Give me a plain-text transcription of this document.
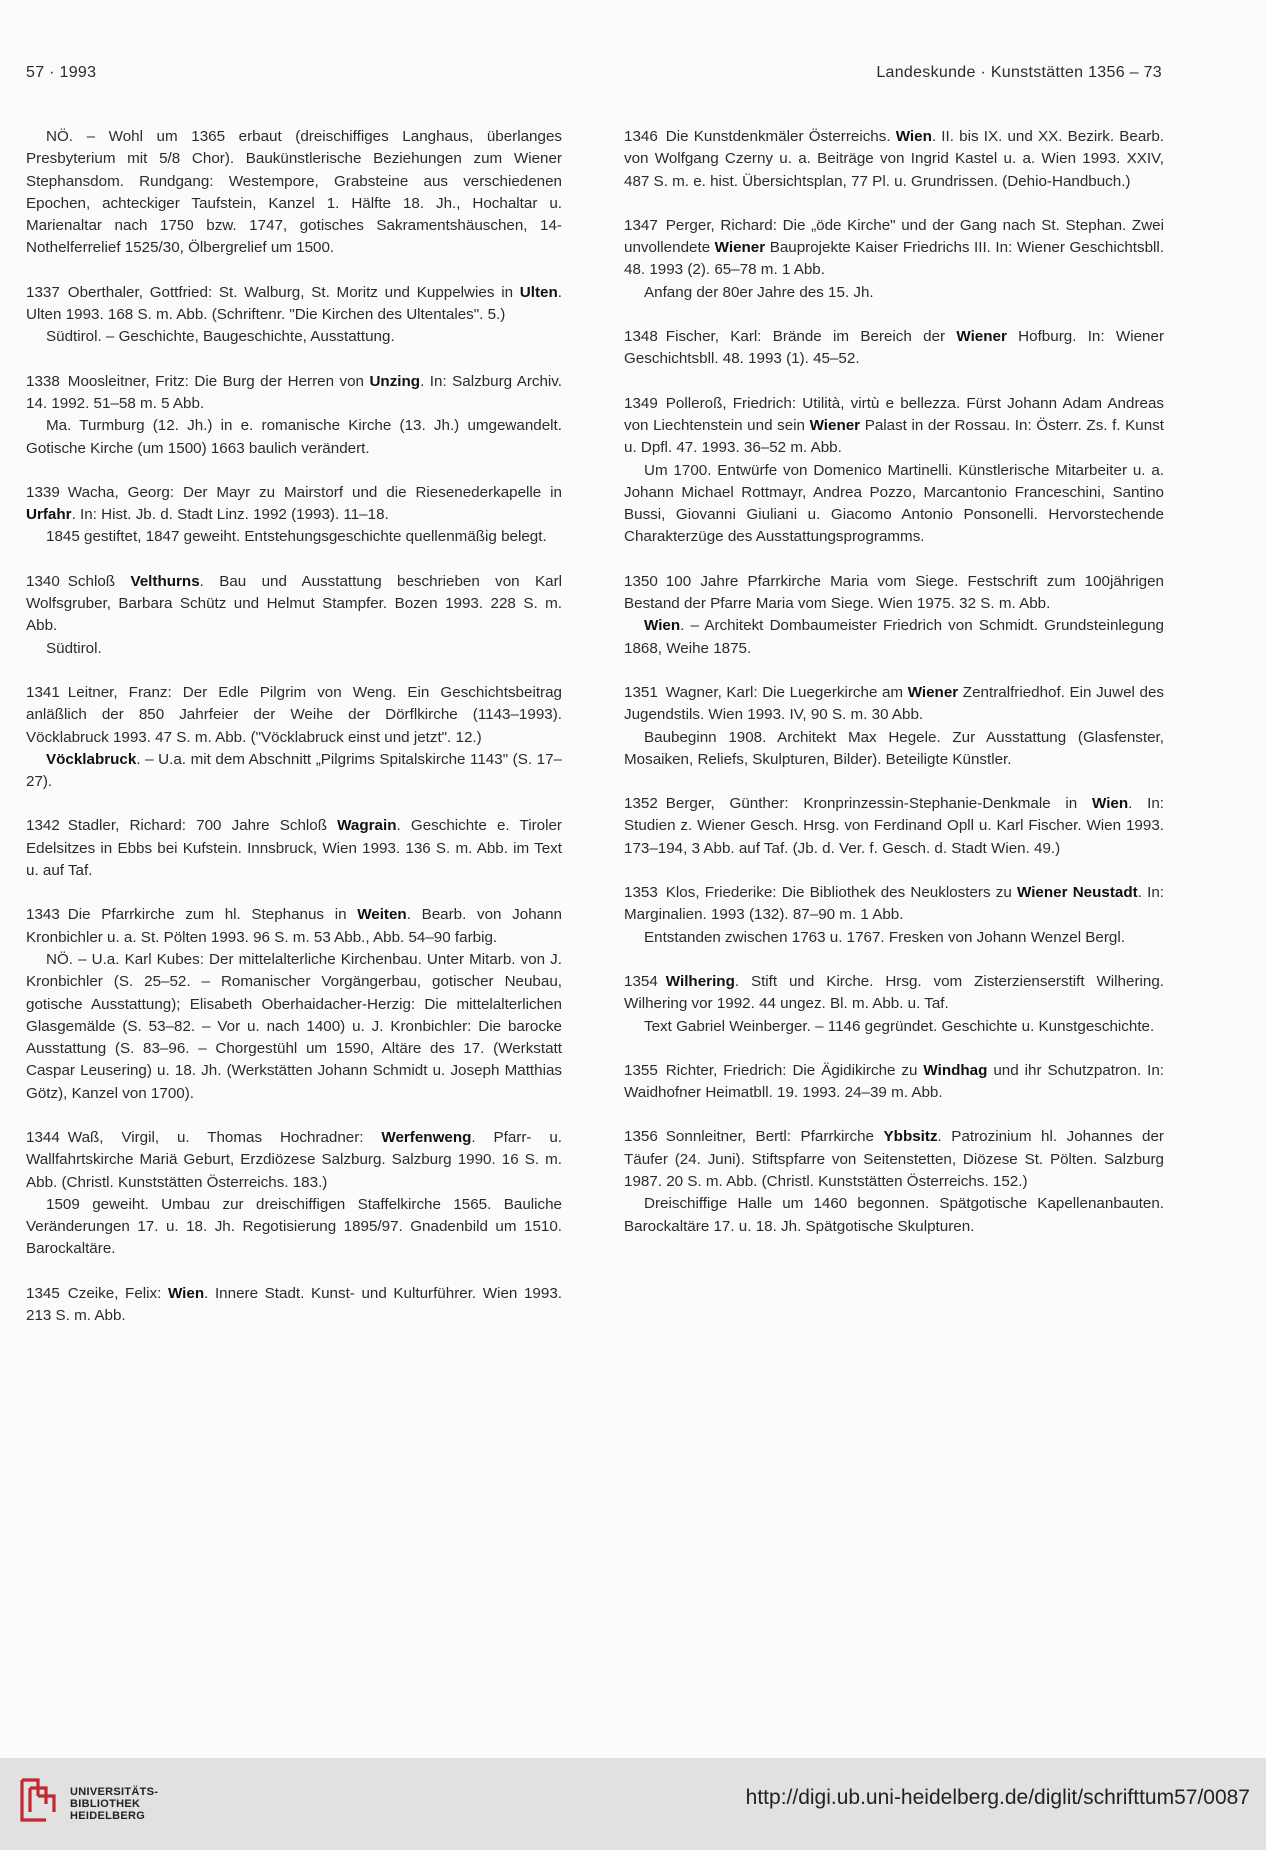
57 · 1993	Landeskunde · Kunststätten 1356 – 73

NÖ. – Wohl um 1365 erbaut (dreischiffiges Langhaus, überlanges Presbyterium mit 5/8 Chor). Baukünstlerische Beziehungen zum Wiener Stephansdom. Rundgang: Westempore, Grabsteine aus verschiedenen Epochen, achteckiger Taufstein, Kanzel 1. Hälfte 18. Jh., Hochaltar u. Marienaltar nach 1750 bzw. 1747, gotisches Sakramentshäuschen, 14-Nothelferrelief 1525/30, Ölbergrelief um 1500.

1337 Oberthaler, Gottfried: St. Walburg, St. Moritz und Kuppelwies in Ulten. Ulten 1993. 168 S. m. Abb. (Schriftenr. "Die Kirchen des Ultentales". 5.)

Südtirol. – Geschichte, Baugeschichte, Ausstattung.

1338 Moosleitner, Fritz: Die Burg der Herren von Unzing. In: Salzburg Archiv. 14. 1992. 51–58 m. 5 Abb.

Ma. Turmburg (12. Jh.) in e. romanische Kirche (13. Jh.) umgewandelt. Gotische Kirche (um 1500) 1663 baulich verändert.

1339 Wacha, Georg: Der Mayr zu Mairstorf und die Riesenederkapelle in Urfahr. In: Hist. Jb. d. Stadt Linz. 1992 (1993). 11–18.

1845 gestiftet, 1847 geweiht. Entstehungsgeschichte quellenmäßig belegt.

1340 Schloß Velthurns. Bau und Ausstattung beschrieben von Karl Wolfsgruber, Barbara Schütz und Helmut Stampfer. Bozen 1993. 228 S. m. Abb.

Südtirol.

1341 Leitner, Franz: Der Edle Pilgrim von Weng. Ein Geschichtsbeitrag anläßlich der 850 Jahrfeier der Weihe der Dörflkirche (1143–1993). Vöcklabruck 1993. 47 S. m. Abb. ("Vöcklabruck einst und jetzt". 12.)

Vöcklabruck. – U.a. mit dem Abschnitt „Pilgrims Spitalskirche 1143" (S. 17–27).

1342 Stadler, Richard: 700 Jahre Schloß Wagrain. Geschichte e. Tiroler Edelsitzes in Ebbs bei Kufstein. Innsbruck, Wien 1993. 136 S. m. Abb. im Text u. auf Taf.

1343 Die Pfarrkirche zum hl. Stephanus in Weiten. Bearb. von Johann Kronbichler u. a. St. Pölten 1993. 96 S. m. 53 Abb., Abb. 54–90 farbig.

NÖ. – U.a. Karl Kubes: Der mittelalterliche Kirchenbau. Unter Mitarb. von J. Kronbichler (S. 25–52. – Romanischer Vorgängerbau, gotischer Neubau, gotische Ausstattung); Elisabeth Oberhaidacher-Herzig: Die mittelalterlichen Glasgemälde (S. 53–82. – Vor u. nach 1400) u. J. Kronbichler: Die barocke Ausstattung (S. 83–96. – Chorgestühl um 1590, Altäre des 17. (Werkstatt Caspar Leusering) u. 18. Jh. (Werkstätten Johann Schmidt u. Joseph Matthias Götz), Kanzel von 1700).

1344 Waß, Virgil, u. Thomas Hochradner: Werfenweng. Pfarr- u. Wallfahrtskirche Mariä Geburt, Erzdiözese Salzburg. Salzburg 1990. 16 S. m. Abb. (Christl. Kunststätten Österreichs. 183.)

1509 geweiht. Umbau zur dreischiffigen Staffelkirche 1565. Bauliche Veränderungen 17. u. 18. Jh. Regotisierung 1895/97. Gnadenbild um 1510. Barockaltäre.

1345 Czeike, Felix: Wien. Innere Stadt. Kunst- und Kulturführer. Wien 1993. 213 S. m. Abb.

1346 Die Kunstdenkmäler Österreichs. Wien. II. bis IX. und XX. Bezirk. Bearb. von Wolfgang Czerny u. a. Beiträge von Ingrid Kastel u. a. Wien 1993. XXIV, 487 S. m. e. hist. Übersichtsplan, 77 Pl. u. Grundrissen. (Dehio-Handbuch.)

1347 Perger, Richard: Die „öde Kirche" und der Gang nach St. Stephan. Zwei unvollendete Wiener Bauprojekte Kaiser Friedrichs III. In: Wiener Geschichtsbll. 48. 1993 (2). 65–78 m. 1 Abb.

Anfang der 80er Jahre des 15. Jh.

1348 Fischer, Karl: Brände im Bereich der Wiener Hofburg. In: Wiener Geschichtsbll. 48. 1993 (1). 45–52.

1349 Polleroß, Friedrich: Utilità, virtù e bellezza. Fürst Johann Adam Andreas von Liechtenstein und sein Wiener Palast in der Rossau. In: Österr. Zs. f. Kunst u. Dpfl. 47. 1993. 36–52 m. Abb.

Um 1700. Entwürfe von Domenico Martinelli. Künstlerische Mitarbeiter u. a. Johann Michael Rottmayr, Andrea Pozzo, Marcantonio Franceschini, Santino Bussi, Giovanni Giuliani u. Giacomo Antonio Ponsonelli. Hervorstechende Charakterzüge des Ausstattungsprogramms.

1350 100 Jahre Pfarrkirche Maria vom Siege. Festschrift zum 100jährigen Bestand der Pfarre Maria vom Siege. Wien 1975. 32 S. m. Abb.

Wien. – Architekt Dombaumeister Friedrich von Schmidt. Grundsteinlegung 1868, Weihe 1875.

1351 Wagner, Karl: Die Luegerkirche am Wiener Zentralfriedhof. Ein Juwel des Jugendstils. Wien 1993. IV, 90 S. m. 30 Abb.

Baubeginn 1908. Architekt Max Hegele. Zur Ausstattung (Glasfenster, Mosaiken, Reliefs, Skulpturen, Bilder). Beteiligte Künstler.

1352 Berger, Günther: Kronprinzessin-Stephanie-Denkmale in Wien. In: Studien z. Wiener Gesch. Hrsg. von Ferdinand Opll u. Karl Fischer. Wien 1993. 173–194, 3 Abb. auf Taf. (Jb. d. Ver. f. Gesch. d. Stadt Wien. 49.)

1353 Klos, Friederike: Die Bibliothek des Neuklosters zu Wiener Neustadt. In: Marginalien. 1993 (132). 87–90 m. 1 Abb.

Entstanden zwischen 1763 u. 1767. Fresken von Johann Wenzel Bergl.

1354 Wilhering. Stift und Kirche. Hrsg. vom Zisterzienserstift Wilhering. Wilhering vor 1992. 44 ungez. Bl. m. Abb. u. Taf.

Text Gabriel Weinberger. – 1146 gegründet. Geschichte u. Kunstgeschichte.

1355 Richter, Friedrich: Die Ägidikirche zu Windhag und ihr Schutzpatron. In: Waidhofner Heimatbll. 19. 1993. 24–39 m. Abb.

1356 Sonnleitner, Bertl: Pfarrkirche Ybbsitz. Patrozinium hl. Johannes der Täufer (24. Juni). Stiftspfarre von Seitenstetten, Diözese St. Pölten. Salzburg 1987. 20 S. m. Abb. (Christl. Kunststätten Österreichs. 152.)

Dreischiffige Halle um 1460 begonnen. Spätgotische Kapellenanbauten. Barockaltäre 17. u. 18. Jh. Spätgotische Skulpturen.

UNIVERSITÄTS-
BIBLIOTHEK
HEIDELBERG
http://digi.ub.uni-heidelberg.de/diglit/schrifttum57/0087
